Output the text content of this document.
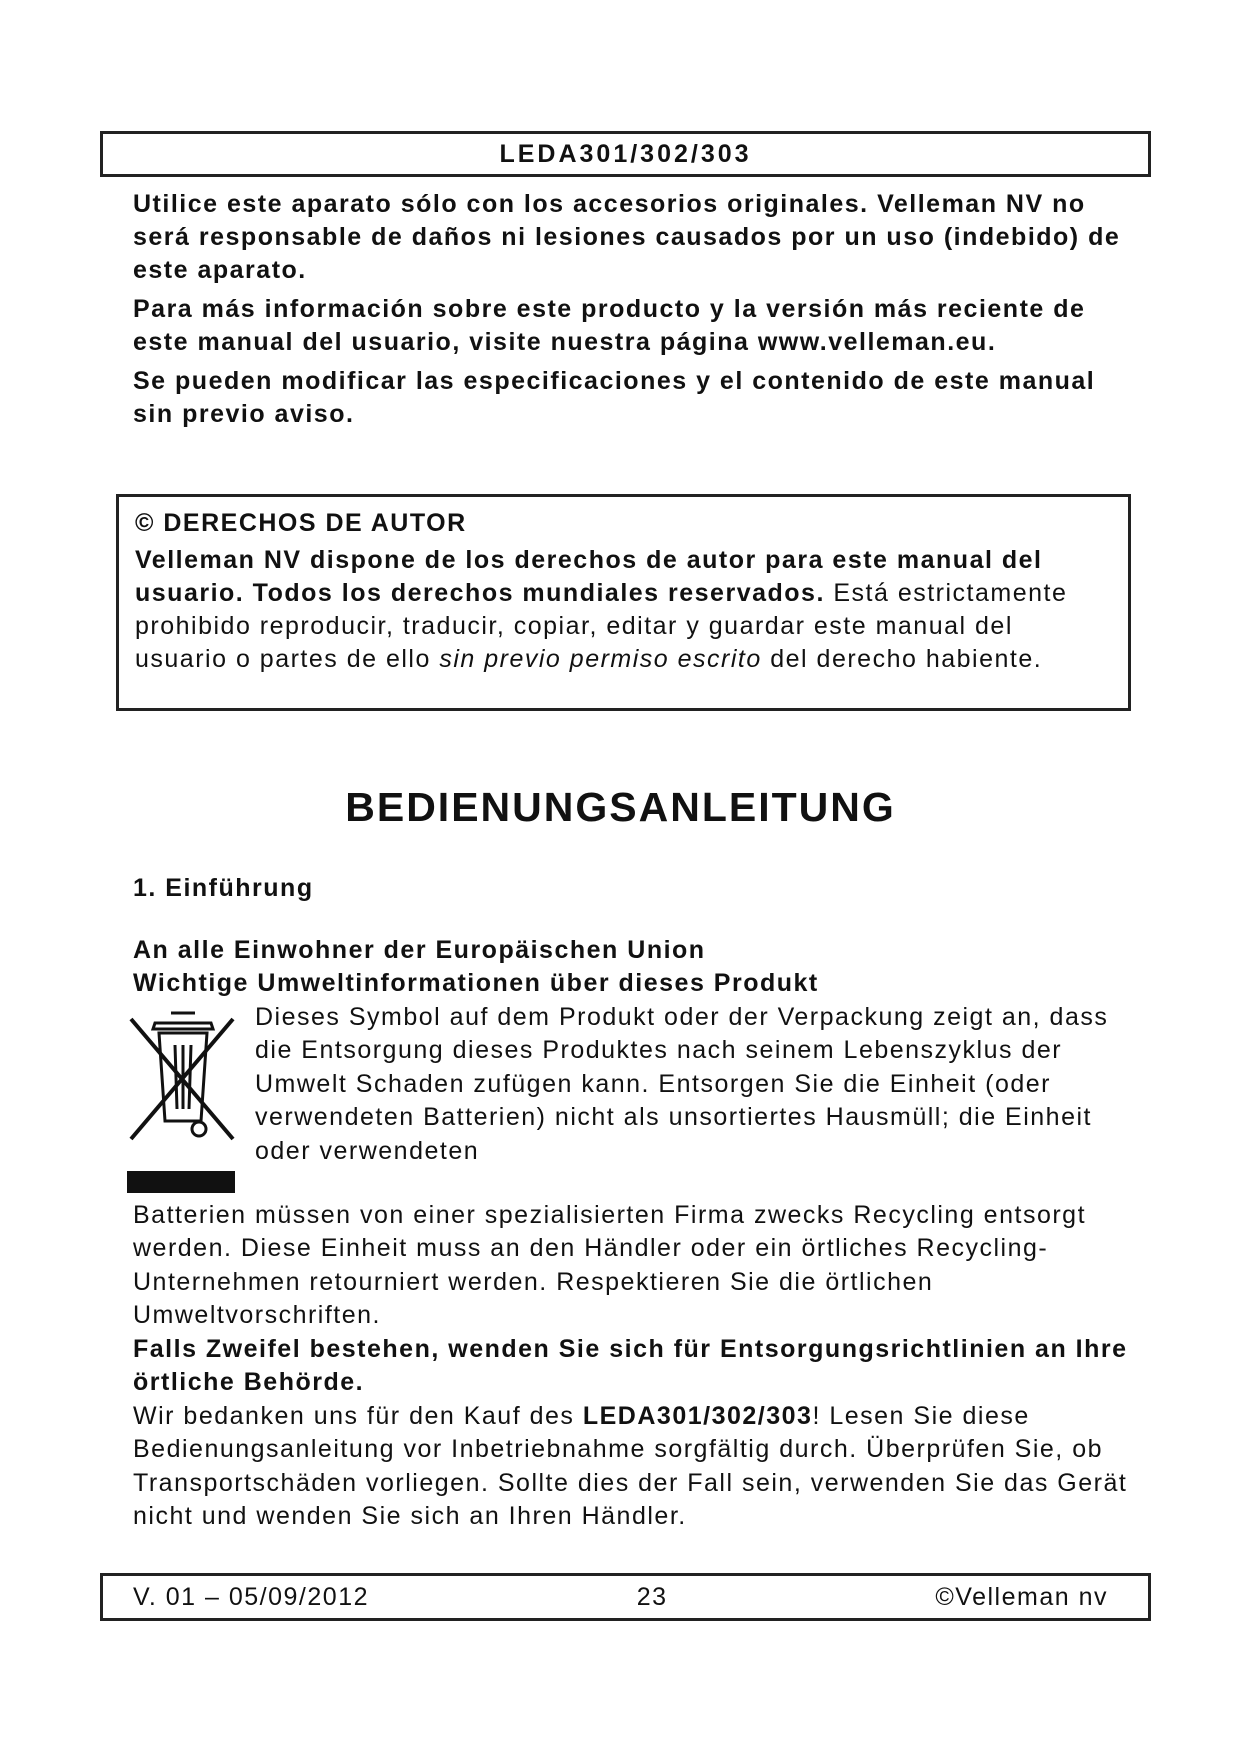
LEDA301/302/303

Utilice este aparato sólo con los accesorios originales. Velleman NV no será responsable de daños ni lesiones causados por un uso (indebido) de este aparato.

Para más información sobre este producto y la versión más reciente de este manual del usuario, visite nuestra página www.velleman.eu.

Se pueden modificar las especificaciones y el contenido de este manual sin previo aviso.

© DERECHOS DE AUTOR
Velleman NV dispone de los derechos de autor para este manual del usuario. Todos los derechos mundiales reservados. Está estrictamente prohibido reproducir, traducir, copiar, editar y guardar este manual del usuario o partes de ello sin previo permiso escrito del derecho habiente.
BEDIENUNGSANLEITUNG
1. Einführung
An alle Einwohner der Europäischen Union
Wichtige Umweltinformationen über dieses Produkt
Dieses Symbol auf dem Produkt oder der Verpackung zeigt an, dass die Entsorgung dieses Produktes nach seinem Lebenszyklus der Umwelt Schaden zufügen kann. Entsorgen Sie die Einheit (oder verwendeten Batterien) nicht als unsortiertes Hausmüll; die Einheit oder verwendeten
Batterien müssen von einer spezialisierten Firma zwecks Recycling entsorgt werden. Diese Einheit muss an den Händler oder ein örtliches Recycling-Unternehmen retourniert werden. Respektieren Sie die örtlichen Umweltvorschriften.
Falls Zweifel bestehen, wenden Sie sich für Entsorgungsrichtlinien an Ihre örtliche Behörde.
Wir bedanken uns für den Kauf des LEDA301/302/303! Lesen Sie diese Bedienungsanleitung vor Inbetriebnahme sorgfältig durch. Überprüfen Sie, ob Transportschäden vorliegen. Sollte dies der Fall sein, verwenden Sie das Gerät nicht und wenden Sie sich an Ihren Händler.
V. 01 – 05/09/2012	23	©Velleman nv
